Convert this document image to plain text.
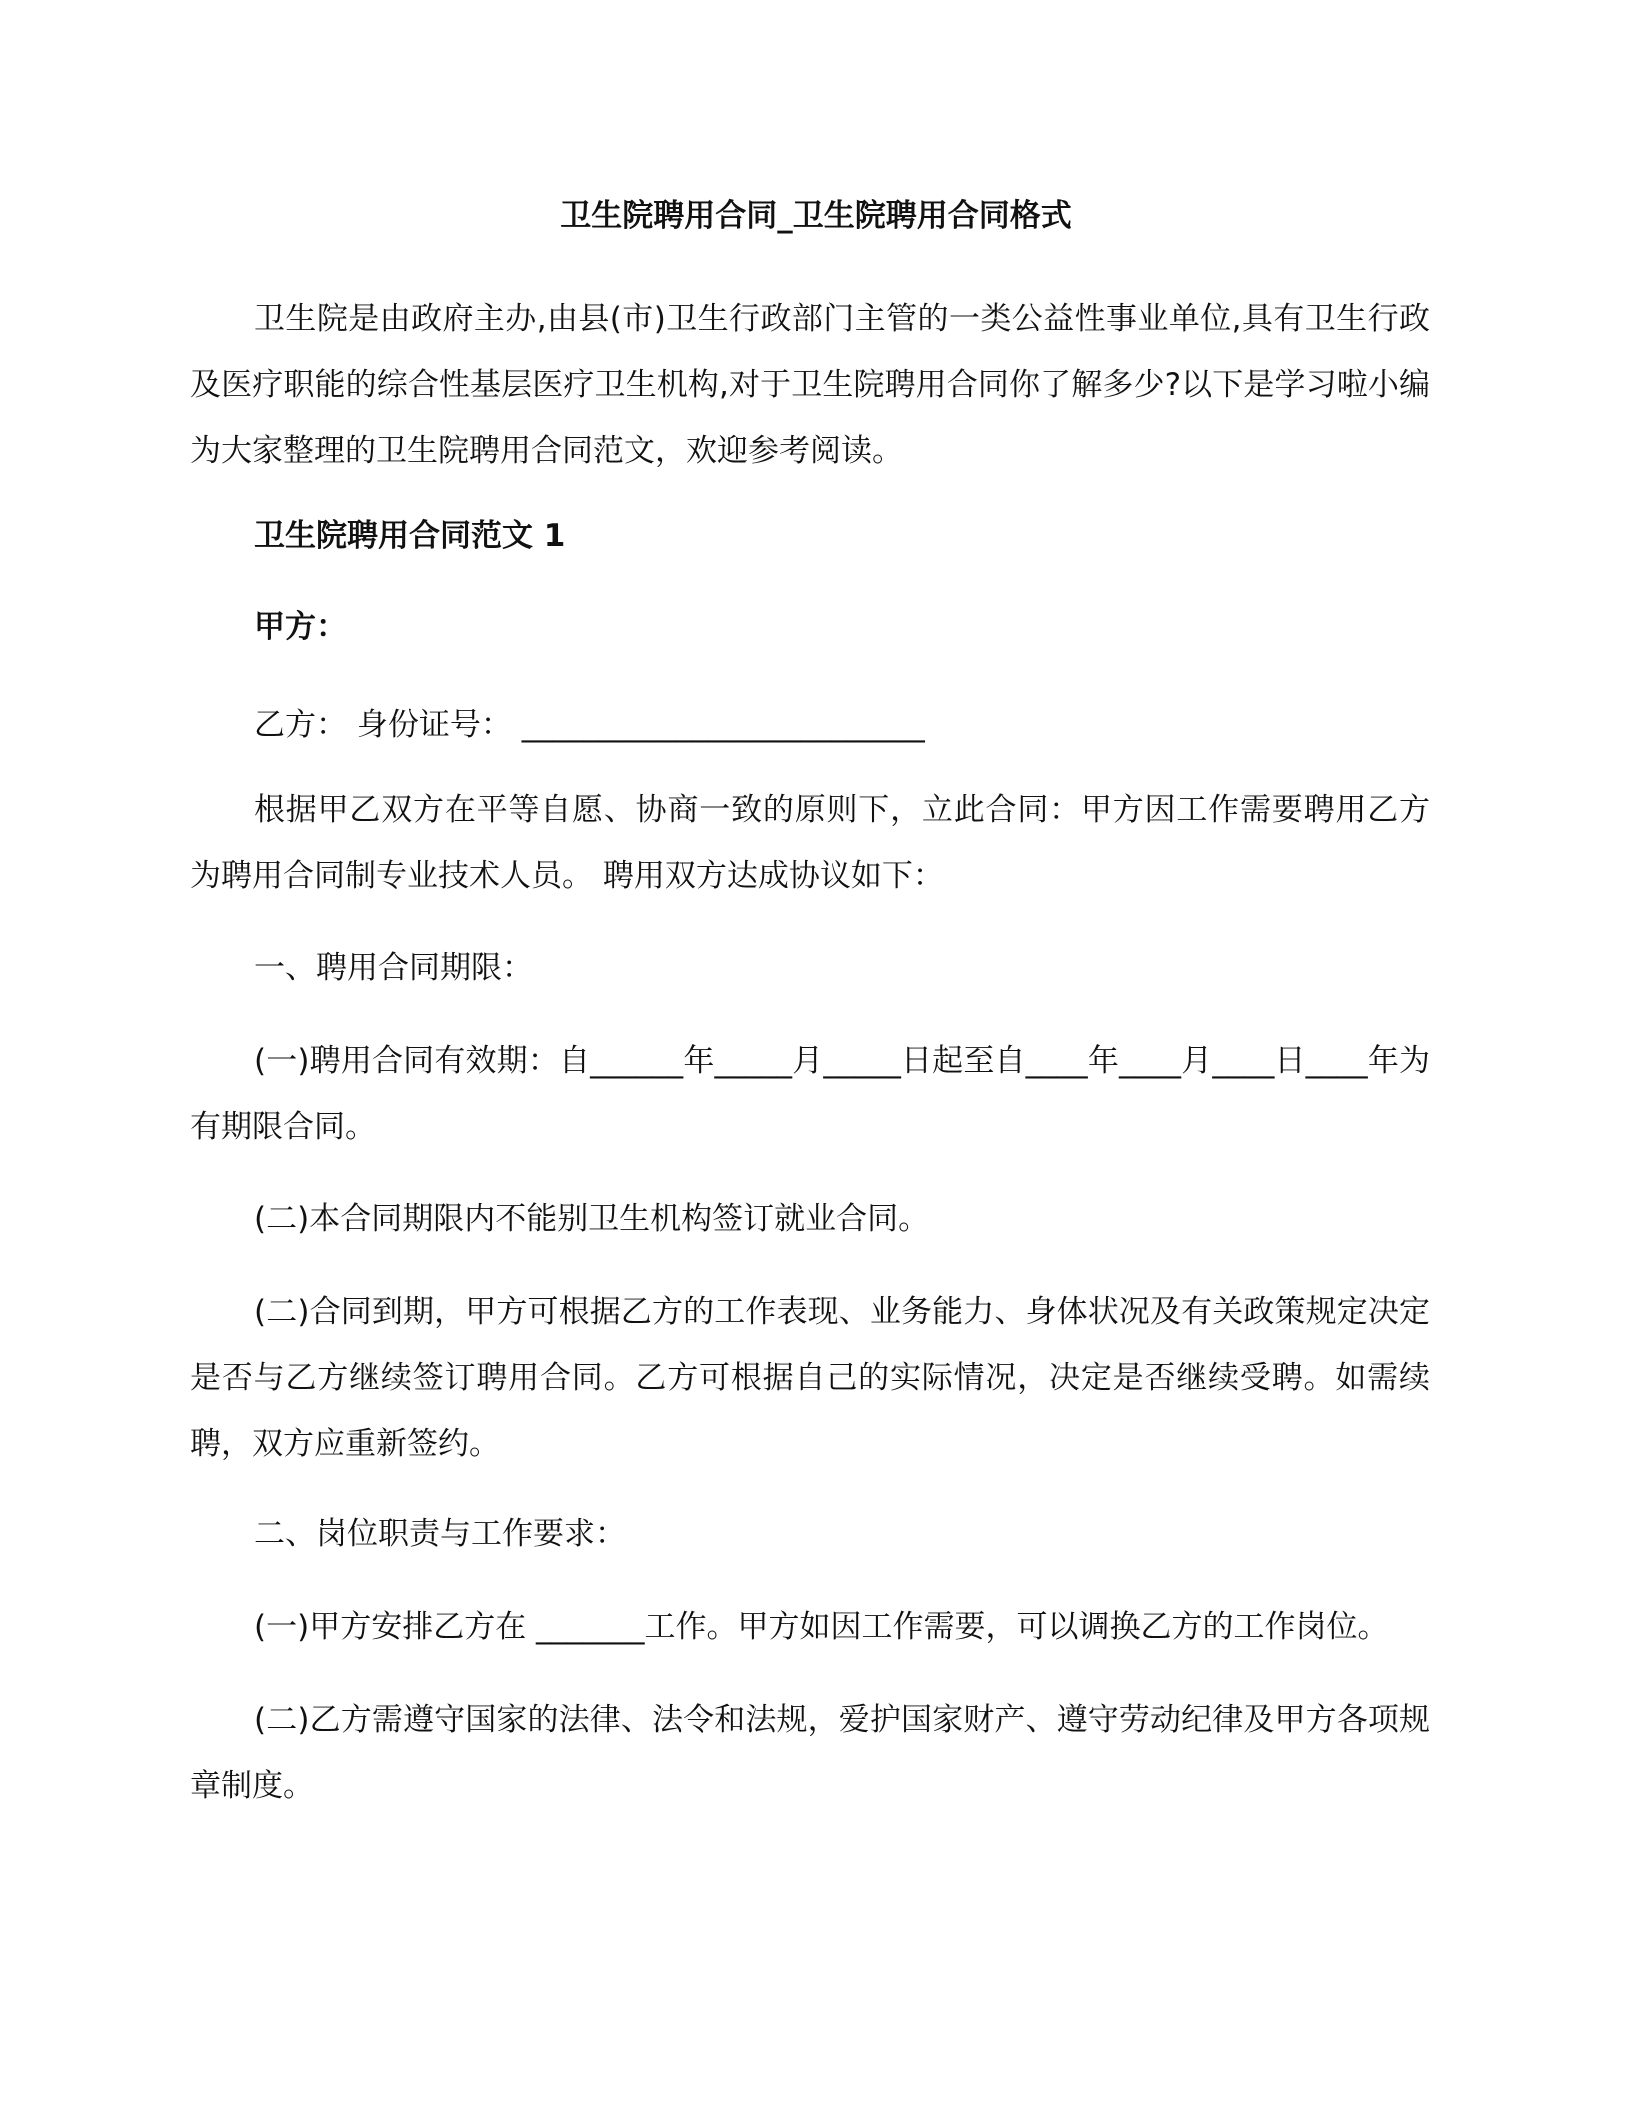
卫生院聘用合同_卫生院聘用合同格式

卫生院是由政府主办,由县(市)卫生行政部门主管的一类公益性事业单位,具有卫生行政及医疗职能的综合性基层医疗卫生机构,对于卫生院聘用合同你了解多少?以下是学习啦小编为大家整理的卫生院聘用合同范文，欢迎参考阅读。

卫生院聘用合同范文 1

甲方：

乙方： 身份证号： __________________________

根据甲乙双方在平等自愿、协商一致的原则下，立此合同：甲方因工作需要聘用乙方为聘用合同制专业技术人员。 聘用双方达成协议如下：

一、聘用合同期限：

(一)聘用合同有效期：自______年_____月_____日起至自____年____月____日____年为有期限合同。

(二)本合同期限内不能别卫生机构签订就业合同。

(二)合同到期，甲方可根据乙方的工作表现、业务能力、身体状况及有关政策规定决定是否与乙方继续签订聘用合同。乙方可根据自己的实际情况，决定是否继续受聘。如需续聘，双方应重新签约。

二、岗位职责与工作要求：

(一)甲方安排乙方在 _______工作。甲方如因工作需要，可以调换乙方的工作岗位。

(二)乙方需遵守国家的法律、法令和法规，爱护国家财产、遵守劳动纪律及甲方各项规章制度。
